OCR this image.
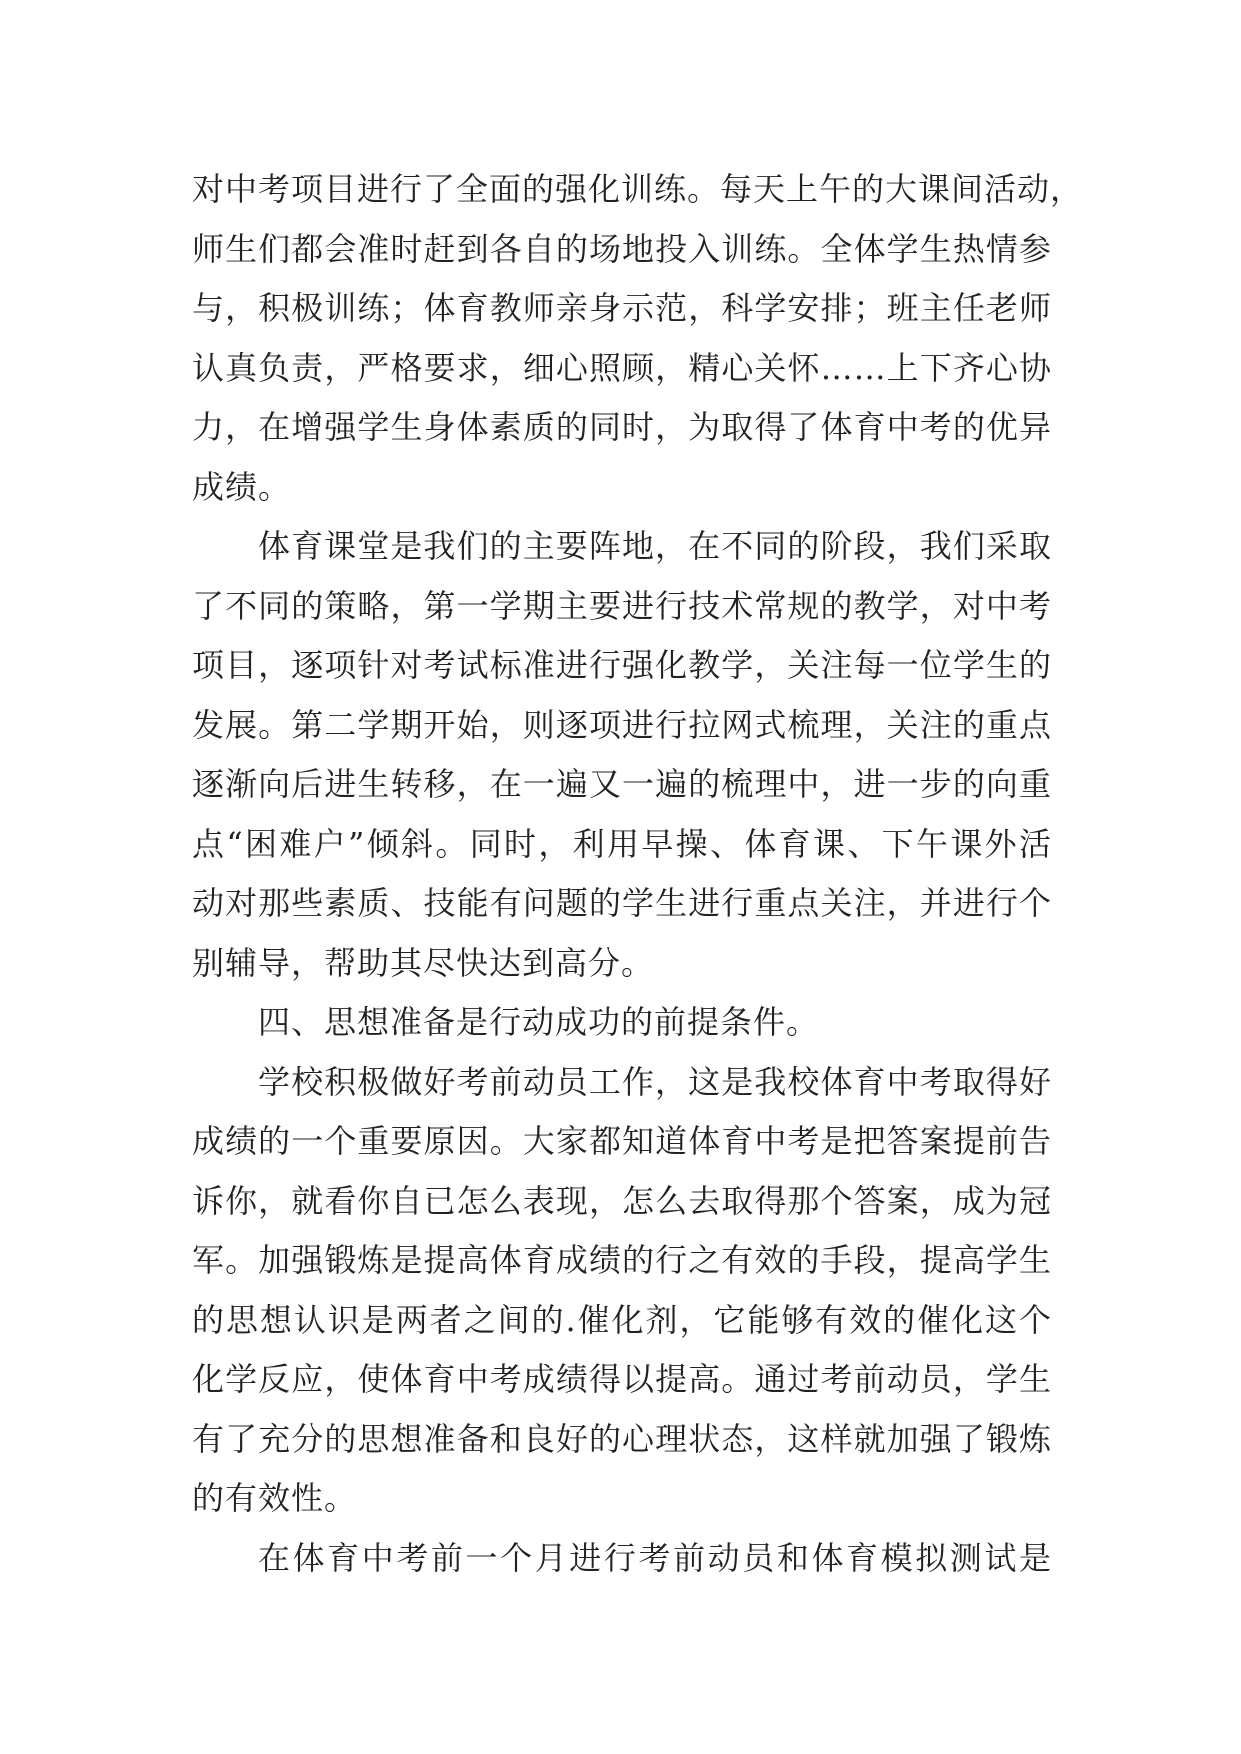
对中考项目进行了全面的强化训练。每天上午的大课间活动，
师生们都会准时赶到各自的场地投入训练。全体学生热情参
与，积极训练；体育教师亲身示范，科学安排；班主任老师
认真负责，严格要求，细心照顾，精心关怀……上下齐心协
力，在增强学生身体素质的同时，为取得了体育中考的优异
成绩。
体育课堂是我们的主要阵地，在不同的阶段，我们采取
了不同的策略，第一学期主要进行技术常规的教学，对中考
项目，逐项针对考试标准进行强化教学，关注每一位学生的
发展。第二学期开始，则逐项进行拉网式梳理，关注的重点
逐渐向后进生转移，在一遍又一遍的梳理中，进一步的向重
点“困难户”倾斜。同时，利用早操、体育课、下午课外活
动对那些素质、技能有问题的学生进行重点关注，并进行个
别辅导，帮助其尽快达到高分。
四、思想准备是行动成功的前提条件。
学校积极做好考前动员工作，这是我校体育中考取得好
成绩的一个重要原因。大家都知道体育中考是把答案提前告
诉你，就看你自已怎么表现，怎么去取得那个答案，成为冠
军。加强锻炼是提高体育成绩的行之有效的手段，提高学生
的思想认识是两者之间的.催化剂，它能够有效的催化这个
化学反应，使体育中考成绩得以提高。通过考前动员，学生
有了充分的思想准备和良好的心理状态，这样就加强了锻炼
的有效性。
在体育中考前一个月进行考前动员和体育模拟测试是
